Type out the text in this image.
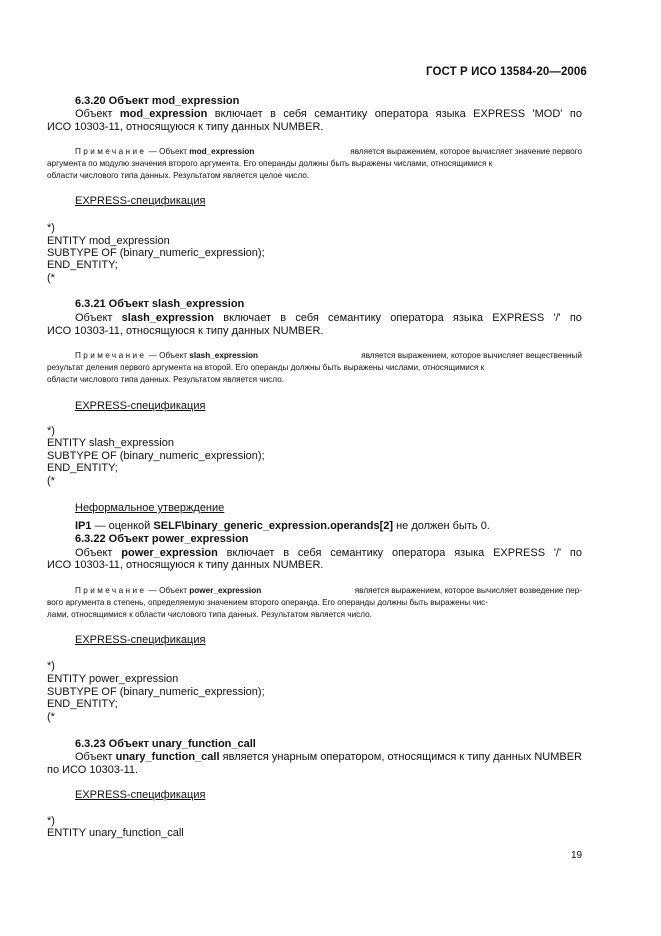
ГОСТ Р ИСО 13584-20—2006
6.3.20 Объект mod_expression
Объект mod_expression включает в себя семантику оператора языка EXPRESS 'MOD' по
ИСО 10303-11, относящуюся к типу данных NUMBER.
Примечание — Объект mod_expression	является выражением, которое вычисляет значение первого
аргумента по модулю значения второго аргумента. Его операнды должны быть выражены числами, относящимися к
области числового типа данных. Результатом является целое число.
EXPRESS-спецификация
*)
ENTITY mod_expression
SUBTYPE OF (binary_numeric_expression);
END_ENTITY;
(*
6.3.21 Объект slash_expression
Объект slash_expression включает в себя семантику оператора языка EXPRESS '/' по
ИСО 10303-11, относящуюся к типу данных NUMBER.
Примечание — Объект slash_expression	является выражением, которое вычисляет вещественный
результат деления первого аргумента на второй. Его операнды должны быть выражены числами, относящимися к
области числового типа данных. Результатом является число.
EXPRESS-спецификация
*)
ENTITY slash_expression
SUBTYPE OF (binary_numeric_expression);
END_ENTITY;
(*
Неформальное утверждение
IP1 — оценкой SELF\binary_generic_expression.operands[2] не должен быть 0.
6.3.22 Объект power_expression
Объект power_expression включает в себя семантику оператора языка EXPRESS '/' по
ИСО 10303-11, относящуюся к типу данных NUMBER.
Примечание — Объект power_expression	является выражением, которое вычисляет возведение пер-
вого аргумента в степень, определяемую значением второго операнда. Его операнды должны быть выражены чис-
лами, относящимися к области числового типа данных. Результатом является число.
EXPRESS-спецификация
*)
ENTITY power_expression
SUBTYPE OF (binary_numeric_expression);
END_ENTITY;
(*
6.3.23 Объект unary_function_call
Объект unary_function_call является унарным оператором, относящимся к типу данных NUMBER
по ИСО 10303-11.
EXPRESS-спецификация
*)
ENTITY unary_function_call
19
